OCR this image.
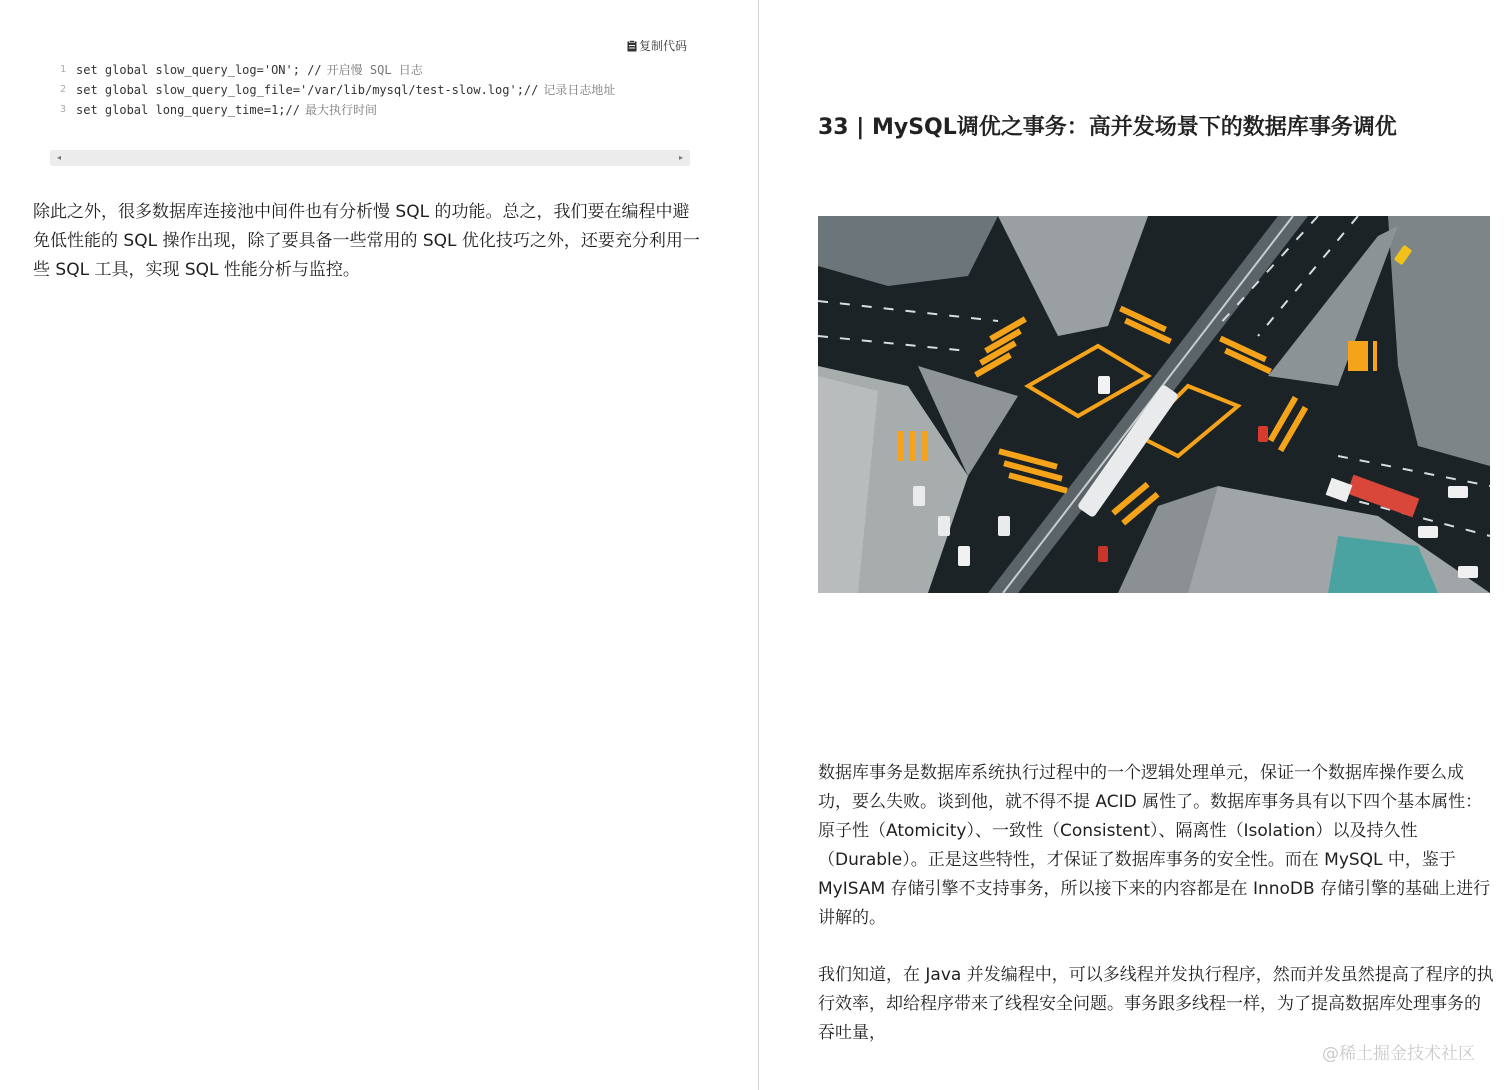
复制代码
1 set global slow_query_log='ON'; // 开启慢 SQL 日志
2 set global slow_query_log_file='/var/lib/mysql/test-slow.log';// 记录日志地址
3 set global long_query_time=1;// 最大执行时间
◂	▸

除此之外，很多数据库连接池中间件也有分析慢 SQL 的功能。总之，我们要在编程中避免低性能的 SQL 操作出现，除了要具备一些常用的 SQL 优化技巧之外，还要充分利用一些 SQL 工具，实现 SQL 性能分析与监控。

33 | MySQL调优之事务：高并发场景下的数据库事务调优

数据库事务是数据库系统执行过程中的一个逻辑处理单元，保证一个数据库操作要么成功，要么失败。谈到他，就不得不提 ACID 属性了。数据库事务具有以下四个基本属性：原子性（Atomicity）、一致性（Consistent）、隔离性（Isolation）以及持久性（Durable）。正是这些特性，才保证了数据库事务的安全性。而在 MySQL 中，鉴于 MyISAM 存储引擎不支持事务，所以接下来的内容都是在 InnoDB 存储引擎的基础上进行讲解的。

我们知道，在 Java 并发编程中，可以多线程并发执行程序，然而并发虽然提高了程序的执行效率，却给程序带来了线程安全问题。事务跟多线程一样，为了提高数据库处理事务的吞吐量，

@稀土掘金技术社区
